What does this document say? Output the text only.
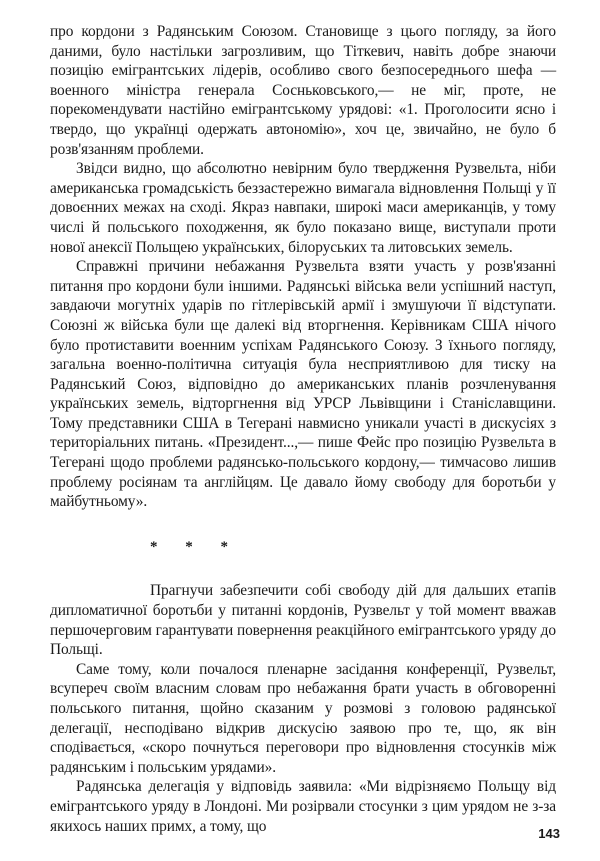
про кордони з Радянським Союзом. Становище з цього погляду, за його даними, було настільки загрозливим, що Тіткевич, навіть добре знаючи позицію емігрантських лідерів, особливо свого безпосереднього шефа — военного міністра генерала Сосньковського,— не міг, проте, не порекомендувати настійно емігрантському урядові: «1. Проголосити ясно і твердо, що українці одержать автономію», хоч це, звичайно, не було б розв'язанням проблеми.

Звідси видно, що абсолютно невірним було твердження Рузвельта, ніби американська громадськість беззастережно вимагала відновлення Польщі у її довоєнних межах на сході. Якраз навпаки, широкі маси американців, у тому числі й польського походження, як було показано вище, виступали проти нової анексії Польщею українських, білоруських та литовських земель.

Справжні причини небажання Рузвельта взяти участь у розв'язанні питання про кордони були іншими. Радянські війська вели успішний наступ, завдаючи могутніх ударів по гітлерівській армії і змушуючи її відступати. Союзні ж війська були ще далекі від вторгнення. Керівникам США нічого було протиставити военним успіхам Радянського Союзу. З їхнього погляду, загальна военно-політична ситуація була несприятливою для тиску на Радянський Союз, відповідно до американських планів розчленування українських земель, відторгнення від УРСР Львівщини і Станіславщини. Тому представники США в Тегерані навмисно уникали участі в дискусіях з територіальних питань. «Президент...,— пише Фейс про позицію Рузвельта в Тегерані щодо проблеми радянсько-польського кордону,— тимчасово лишив проблему росіянам та англійцям. Це давало йому свободу для боротьби у майбутньому».

* * *

Прагнучи забезпечити собі свободу дій для дальших етапів дипломатичної боротьби у питанні кордонів, Рузвельт у той момент вважав першочерговим гарантувати повернення реакційного емігрантського уряду до Польщі.

Саме тому, коли почалося пленарне засідання конференції, Рузвельт, всупереч своїм власним словам про небажання брати участь в обговоренні польського питання, щойно сказаним у розмові з головою радянської делегації, несподівано відкрив дискусію заявою про те, що, як він сподівається, «скоро почнуться переговори про відновлення стосунків між радянським і польським урядами».

Радянська делегація у відповідь заявила: «Ми відрізняємо Польщу від емігрантського уряду в Лондоні. Ми розірвали стосунки з цим урядом не з-за якихось наших примх, а тому, що	143
